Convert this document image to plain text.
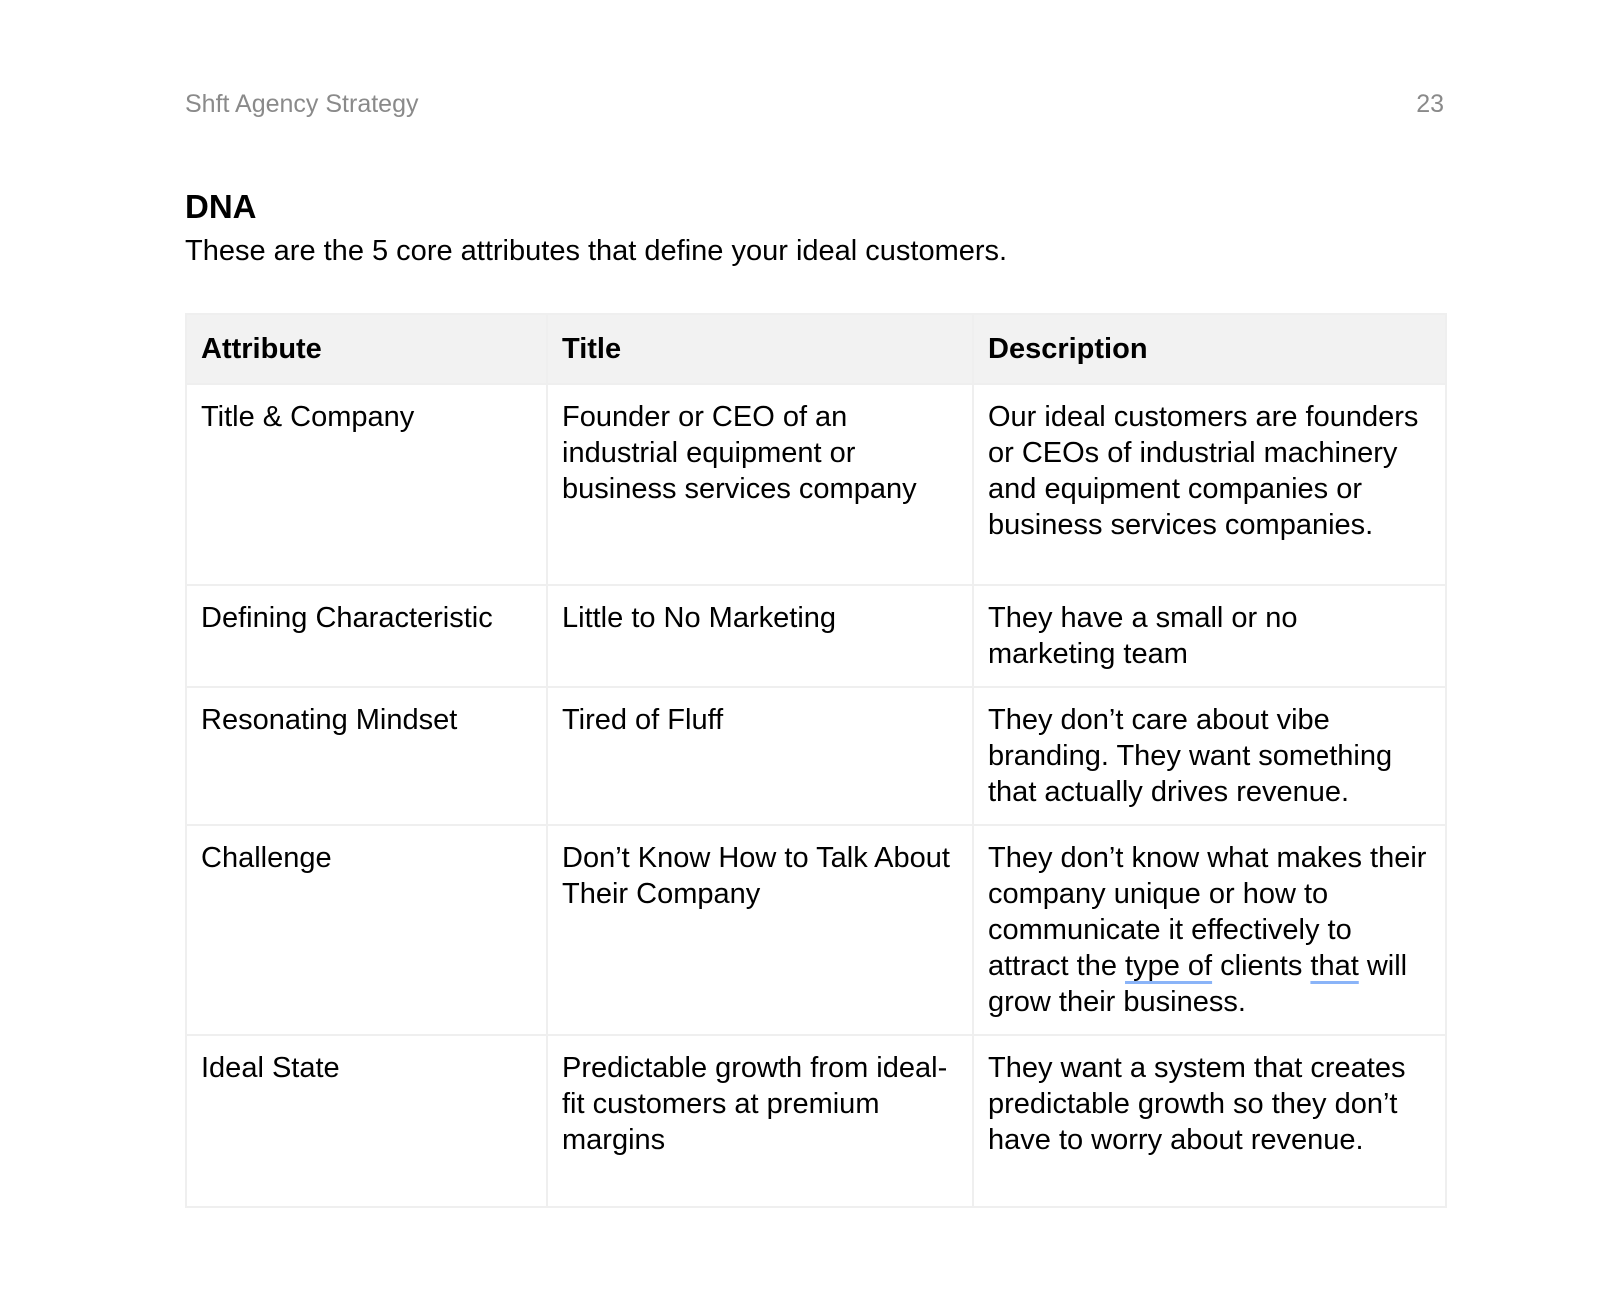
Shft Agency Strategy	23
DNA

These are the 5 core attributes that define your ideal customers.

Attribute	Title	Description
Title & Company	Founder or CEO of an industrial equipment or business services company	Our ideal customers are founders or CEOs of industrial machinery and equipment companies or business services companies.
Defining Characteristic	Little to No Marketing	They have a small or no marketing team
Resonating Mindset	Tired of Fluff	They don’t care about vibe branding. They want something that actually drives revenue.
Challenge	Don’t Know How to Talk About Their Company	They don’t know what makes their company unique or how to communicate it effectively to attract the type of clients that will grow their business.
Ideal State	Predictable growth from ideal-fit customers at premium margins	They want a system that creates predictable growth so they don’t have to worry about revenue.
